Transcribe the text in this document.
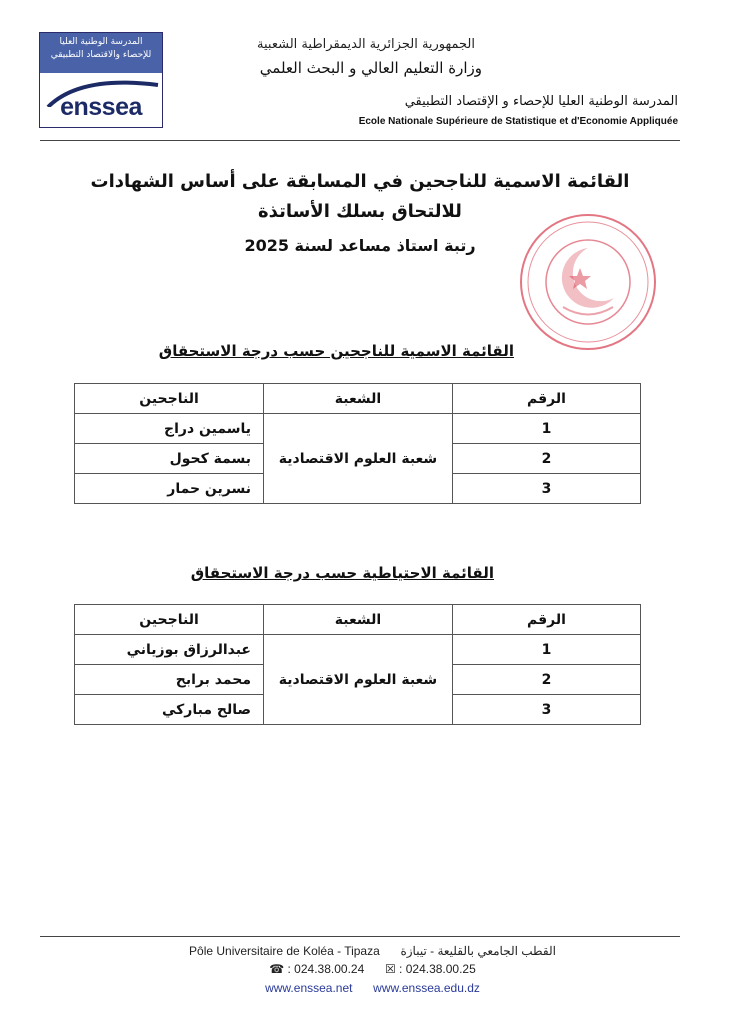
المدرسة الوطنية العليا
للإحصاء والاقتصاد التطبيقي
enssea
الجمهورية الجزائرية الديمقراطية الشعبية
وزارة التعليم العالي و البحث العلمي
المدرسة الوطنية العليا للإحصاء و الإقتصاد التطبيقي
Ecole Nationale Supérieure de Statistique et d'Economie Appliquée
القائمة الاسمية للناجحين في المسابقة على أساس الشهادات للالتحاق بسلك الأساتذة
رتبة استاذ مساعد لسنة 2025
القائمة الاسمية للناجحين حسب درجة الاستحقاق
الرقم	الشعبة	الناجحين
1	شعبة العلوم الاقتصادية	ياسمين دراج
2		بسمة كحول
3		نسرين حمار
القائمة الاحتياطية حسب درجة الاستحقاق
الرقم	الشعبة	الناجحين
1	شعبة العلوم الاقتصادية	عبدالرزاق بوزياني
2		محمد برابح
3		صالح مباركي
Pôle Universitaire de Koléa - Tipaza القطب الجامعي بالقليعة - تيبازة
☎ : 024.38.00.24 ☒ : 024.38.00.25
www.enssea.net www.enssea.edu.dz
